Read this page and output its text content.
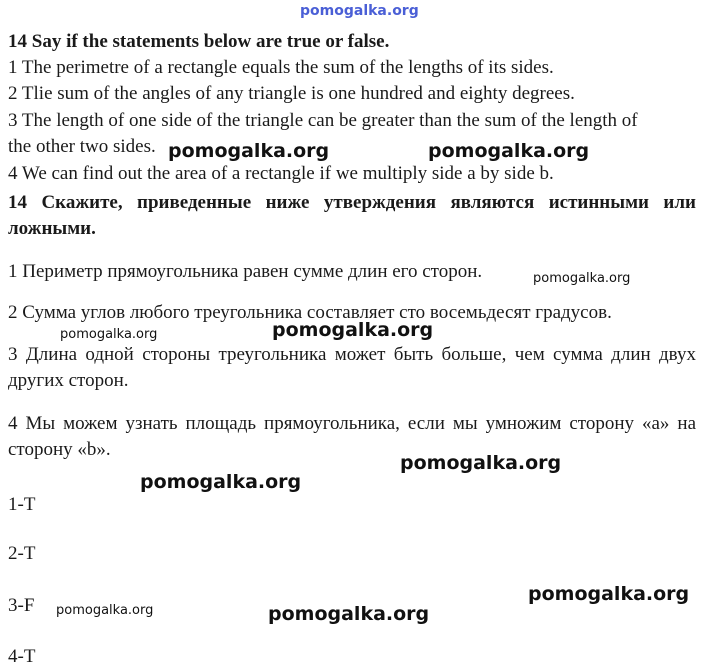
pomogalka.org
14 Say if the statements below are true or false.
1 The perimetre of a rectangle equals the sum of the lengths of its sides.
2 Tlie sum of the angles of any triangle is one hundred and eighty degrees.
3 The length of one side of the triangle can be greater than the sum of the length of
the other two sides.
4 We can find out the area of a rectangle if we multiply side a by side b.
14 Скажите, приведенные ниже утверждения являются истинными или ложными.
1 Периметр прямоугольника равен сумме длин его сторон.
2 Сумма углов любого треугольника составляет сто восемьдесят градусов.
3 Длина одной стороны треугольника может быть больше, чем сумма длин двух других сторон.
4 Мы можем узнать площадь прямоугольника, если мы умножим сторону «а» на сторону «b».
1-T
2-T
3-F
4-T
pomogalka.org	pomogalka.org
pomogalka.org
pomogalka.org	pomogalka.org
pomogalka.org
pomogalka.org
pomogalka.org
pomogalka.org	pomogalka.org
